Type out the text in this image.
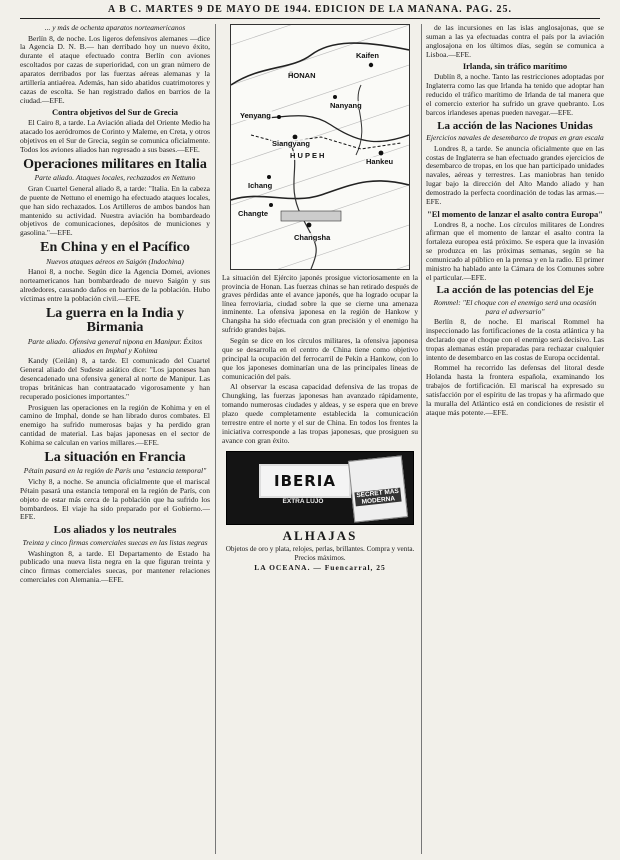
A B C. MARTES 9 DE MAYO DE 1944. EDICION DE LA MAÑANA. PAG. 25.
... y más de ochenta aparatos norteamericanos
Berlín 8, de noche. Los ligeros defensivos alemanes —dice la Agencia D. N. B.— han derribado hoy un nuevo éxito, durante el ataque efectuado contra Berlín con aviones escoltados por cazas de superioridad, con un gran número de aparatos derribados por las fuerzas aéreas alemanas y la artillería antiaérea. Además, han sido abatidos cuatrimotores y cazas de escolta. Se han registrado daños en barrios de la ciudad.—EFE.
Contra objetivos del Sur de Grecia
El Cairo 8, a tarde. La Aviación aliada del Oriente Medio ha atacado los aeródromos de Corinto y Maleme, en Creta, y otros objetivos en el Sur de Grecia, según se comunica oficialmente. Todos los aviones aliados han regresado a sus bases.—EFE.
Operaciones militares en Italia
Parte aliado. Ataques locales, rechazados en Nettuno
Gran Cuartel General aliado 8, a tarde: "Italia. En la cabeza de puente de Nettuno el enemigo ha efectuado ataques locales, que han sido rechazados. Los Artilleros de ambos bandos han mantenido su actividad. Nuestra aviación ha bombardeado objetivos de comunicaciones, depósitos de municiones y gasolina."—EFE.
En China y en el Pacífico
Nuevos ataques aéreos en Saigón (Indochina)
Hanoi 8, a noche. Según dice la Agencia Domei, aviones norteamericanos han bombardeado de nuevo Saigón y sus alrededores, causando daños en barrios de la población. Hubo víctimas entre la población civil.—EFE.
La guerra en la India y Birmania
Parte aliado. Ofensiva general nipona en Manipur. Éxitos aliados en Imphal y Kohima
Kandy (Ceilán) 8, a tarde. El comunicado del Cuartel General aliado del Sudeste asiático dice: "Los japoneses han desencadenado una ofensiva general al norte de Manipur. Las tropas británicas han contraatacado vigorosamente y han recuperado posiciones importantes."
Prosiguen las operaciones en la región de Kohima y en el camino de Imphal, donde se han librado duros combates. El enemigo ha sufrido numerosas bajas y ha perdido gran cantidad de material. Las bajas japonesas en el sector de Kohima se calculan en varios millares.—EFE.
La situación en Francia
Pétain pasará en la región de París una "estancia temporal"
Vichy 8, a noche. Se anuncia oficialmente que el mariscal Pétain pasará una estancia temporal en la región de París, con objeto de estar más cerca de la población que ha sufrido los bombardeos. El viaje ha sido preparado por el Gobierno.—EFE.
Los aliados y los neutrales
Treinta y cinco firmas comerciales suecas en las listas negras
Washington 8, a tarde. El Departamento de Estado ha publicado una nueva lista negra en la que figuran treinta y cinco firmas comerciales suecas, por mantener relaciones comerciales con Alemania.—EFE.
HONAN
Kaifen
Nanyang
Yenyang
Siangyang
H U P E H
Hankeu
Ichang
Changte
Changsha
La situación del Ejército japonés prosigue victoriosamente en la provincia de Honan. Las fuerzas chinas se han retirado después de graves pérdidas ante el avance japonés, que ha logrado ocupar la línea ferroviaria, ciudad sobre la que se cierne una amenaza inminente. La ofensiva japonesa en la región de Hankow y Changsha ha sido efectuada con gran precisión y el enemigo ha sufrido grandes bajas.
Según se dice en los círculos militares, la ofensiva japonesa que se desarrolla en el centro de China tiene como objetivo principal la ocupación del ferrocarril de Pekín a Hankow, con lo que los japoneses dominarían una de las principales líneas de comunicación del país.
Al observar la escasa capacidad defensiva de las tropas de Chungking, las fuerzas japonesas han avanzado rápidamente, tomando numerosas ciudades y aldeas, y se espera que en breve plazo quede completamente establecida la comunicación terrestre entre el norte y el sur de China. En todos los frentes la iniciativa corresponde a las tropas japonesas, que prosiguen su avance con gran éxito.
IBERIA
EXTRA LUJO
SECRET MAS MODERNA
ALHAJAS
Objetos de oro y plata, relojes, perlas, brillantes. Compra y venta. Precios máximos.
LA OCEANA. — Fuencarral, 25
de las incursiones en las islas anglosajonas, que se suman a las ya efectuadas contra el país por la aviación anglosajona en los últimos días, según se comunica a Lisboa.—EFE.
Irlanda, sin tráfico marítimo
Dublín 8, a noche. Tanto las restricciones adoptadas por Inglaterra como las que Irlanda ha tenido que adoptar han reducido el tráfico marítimo de Irlanda de tal manera que el comercio exterior ha sufrido un grave quebranto. Los barcos irlandeses apenas pueden navegar.—EFE.
La acción de las Naciones Unidas
Ejercicios navales de desembarco de tropas en gran escala
Londres 8, a tarde. Se anuncia oficialmente que en las costas de Inglaterra se han efectuado grandes ejercicios de desembarco de tropas, en los que han participado unidades navales, aéreas y terrestres. Las maniobras han tenido lugar bajo la dirección del Alto Mando aliado y han demostrado la perfecta coordinación de todas las armas.—EFE.
"El momento de lanzar el asalto contra Europa"
Londres 8, a noche. Los círculos militares de Londres afirman que el momento de lanzar el asalto contra la fortaleza europea está próximo. Se espera que la invasión se produzca en las próximas semanas, según se ha comunicado al público en la prensa y en la radio. El primer ministro ha hablado ante la Cámara de los Comunes sobre el particular.—EFE.
La acción de las potencias del Eje
Rommel: "El choque con el enemigo será una ocasión para el adversario"
Berlín 8, de noche. El mariscal Rommel ha inspeccionado las fortificaciones de la costa atlántica y ha declarado que el choque con el enemigo será decisivo. Las tropas alemanas están preparadas para rechazar cualquier intento de desembarco en las costas de Europa occidental.
Rommel ha recorrido las defensas del litoral desde Holanda hasta la frontera española, examinando los trabajos de fortificación. El mariscal ha expresado su satisfacción por el espíritu de las tropas y ha afirmado que la muralla del Atlántico está en condiciones de resistir el ataque más potente.—EFE.
